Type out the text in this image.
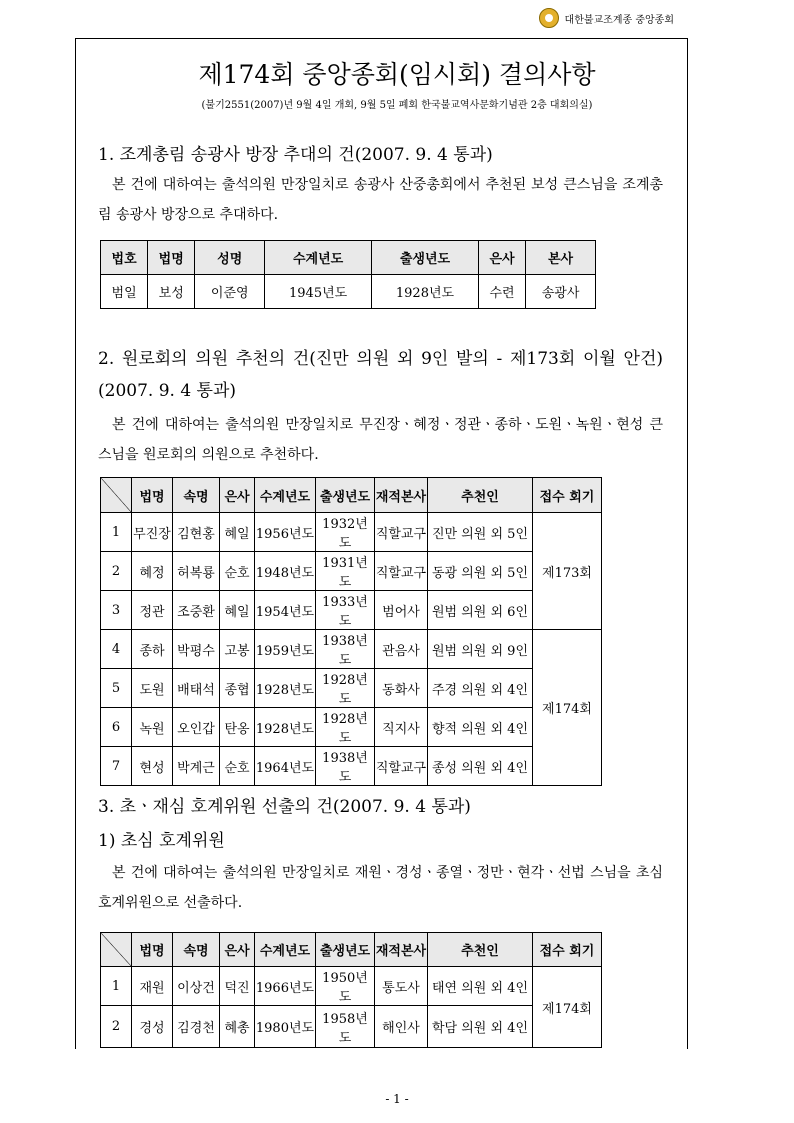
대한불교조계종 중앙종회
제174회 중앙종회(임시회) 결의사항
(불기2551(2007)년 9월 4일 개회, 9월 5일 폐회 한국불교역사문화기념관 2층 대회의실)
1. 조계총림 송광사 방장 추대의 건(2007. 9. 4 통과)
본 건에 대하여는 출석의원 만장일치로 송광사 산중총회에서 추천된 보성 큰스님을 조계총림 송광사 방장으로 추대하다.
법호	법명	성명	수계년도	출생년도	은사	본사
범일	보성	이준영	1945년도	1928년도	수련	송광사
2. 원로회의 의원 추천의 건(진만 의원 외 9인 발의 - 제173회 이월 안건)(2007. 9. 4 통과)
본 건에 대하여는 출석의원 만장일치로 무진장ㆍ혜정ㆍ정관ㆍ종하ㆍ도원ㆍ녹원ㆍ현성 큰스님을 원로회의 의원으로 추천하다.
	법명	속명	은사	수계년도	출생년도	재적본사	추천인	접수 회기
1	무진장	김현홍	혜일	1956년도	1932년도	직할교구	진만 의원 외 5인	제173회
2	혜정	허복룡	순호	1948년도	1931년도	직할교구	동광 의원 외 5인	
3	정관	조중환	혜일	1954년도	1933년도	범어사	원범 의원 외 6인	
4	종하	박평수	고봉	1959년도	1938년도	관음사	원범 의원 외 9인	제174회
5	도원	배태석	종협	1928년도	1928년도	동화사	주경 의원 외 4인	
6	녹원	오인갑	탄옹	1928년도	1928년도	직지사	향적 의원 외 4인	
7	현성	박계근	순호	1964년도	1938년도	직할교구	종성 의원 외 4인	
3. 초ㆍ재심 호계위원 선출의 건(2007. 9. 4 통과)
1) 초심 호계위원
본 건에 대하여는 출석의원 만장일치로 재원ㆍ경성ㆍ종열ㆍ정만ㆍ현각ㆍ선법 스님을 초심 호계위원으로 선출하다.
	법명	속명	은사	수계년도	출생년도	재적본사	추천인	접수 회기
1	재원	이상건	덕진	1966년도	1950년도	통도사	태연 의원 외 4인	제174회
2	경성	김경천	혜총	1980년도	1958년도	해인사	학담 의원 외 4인	
- 1 -
